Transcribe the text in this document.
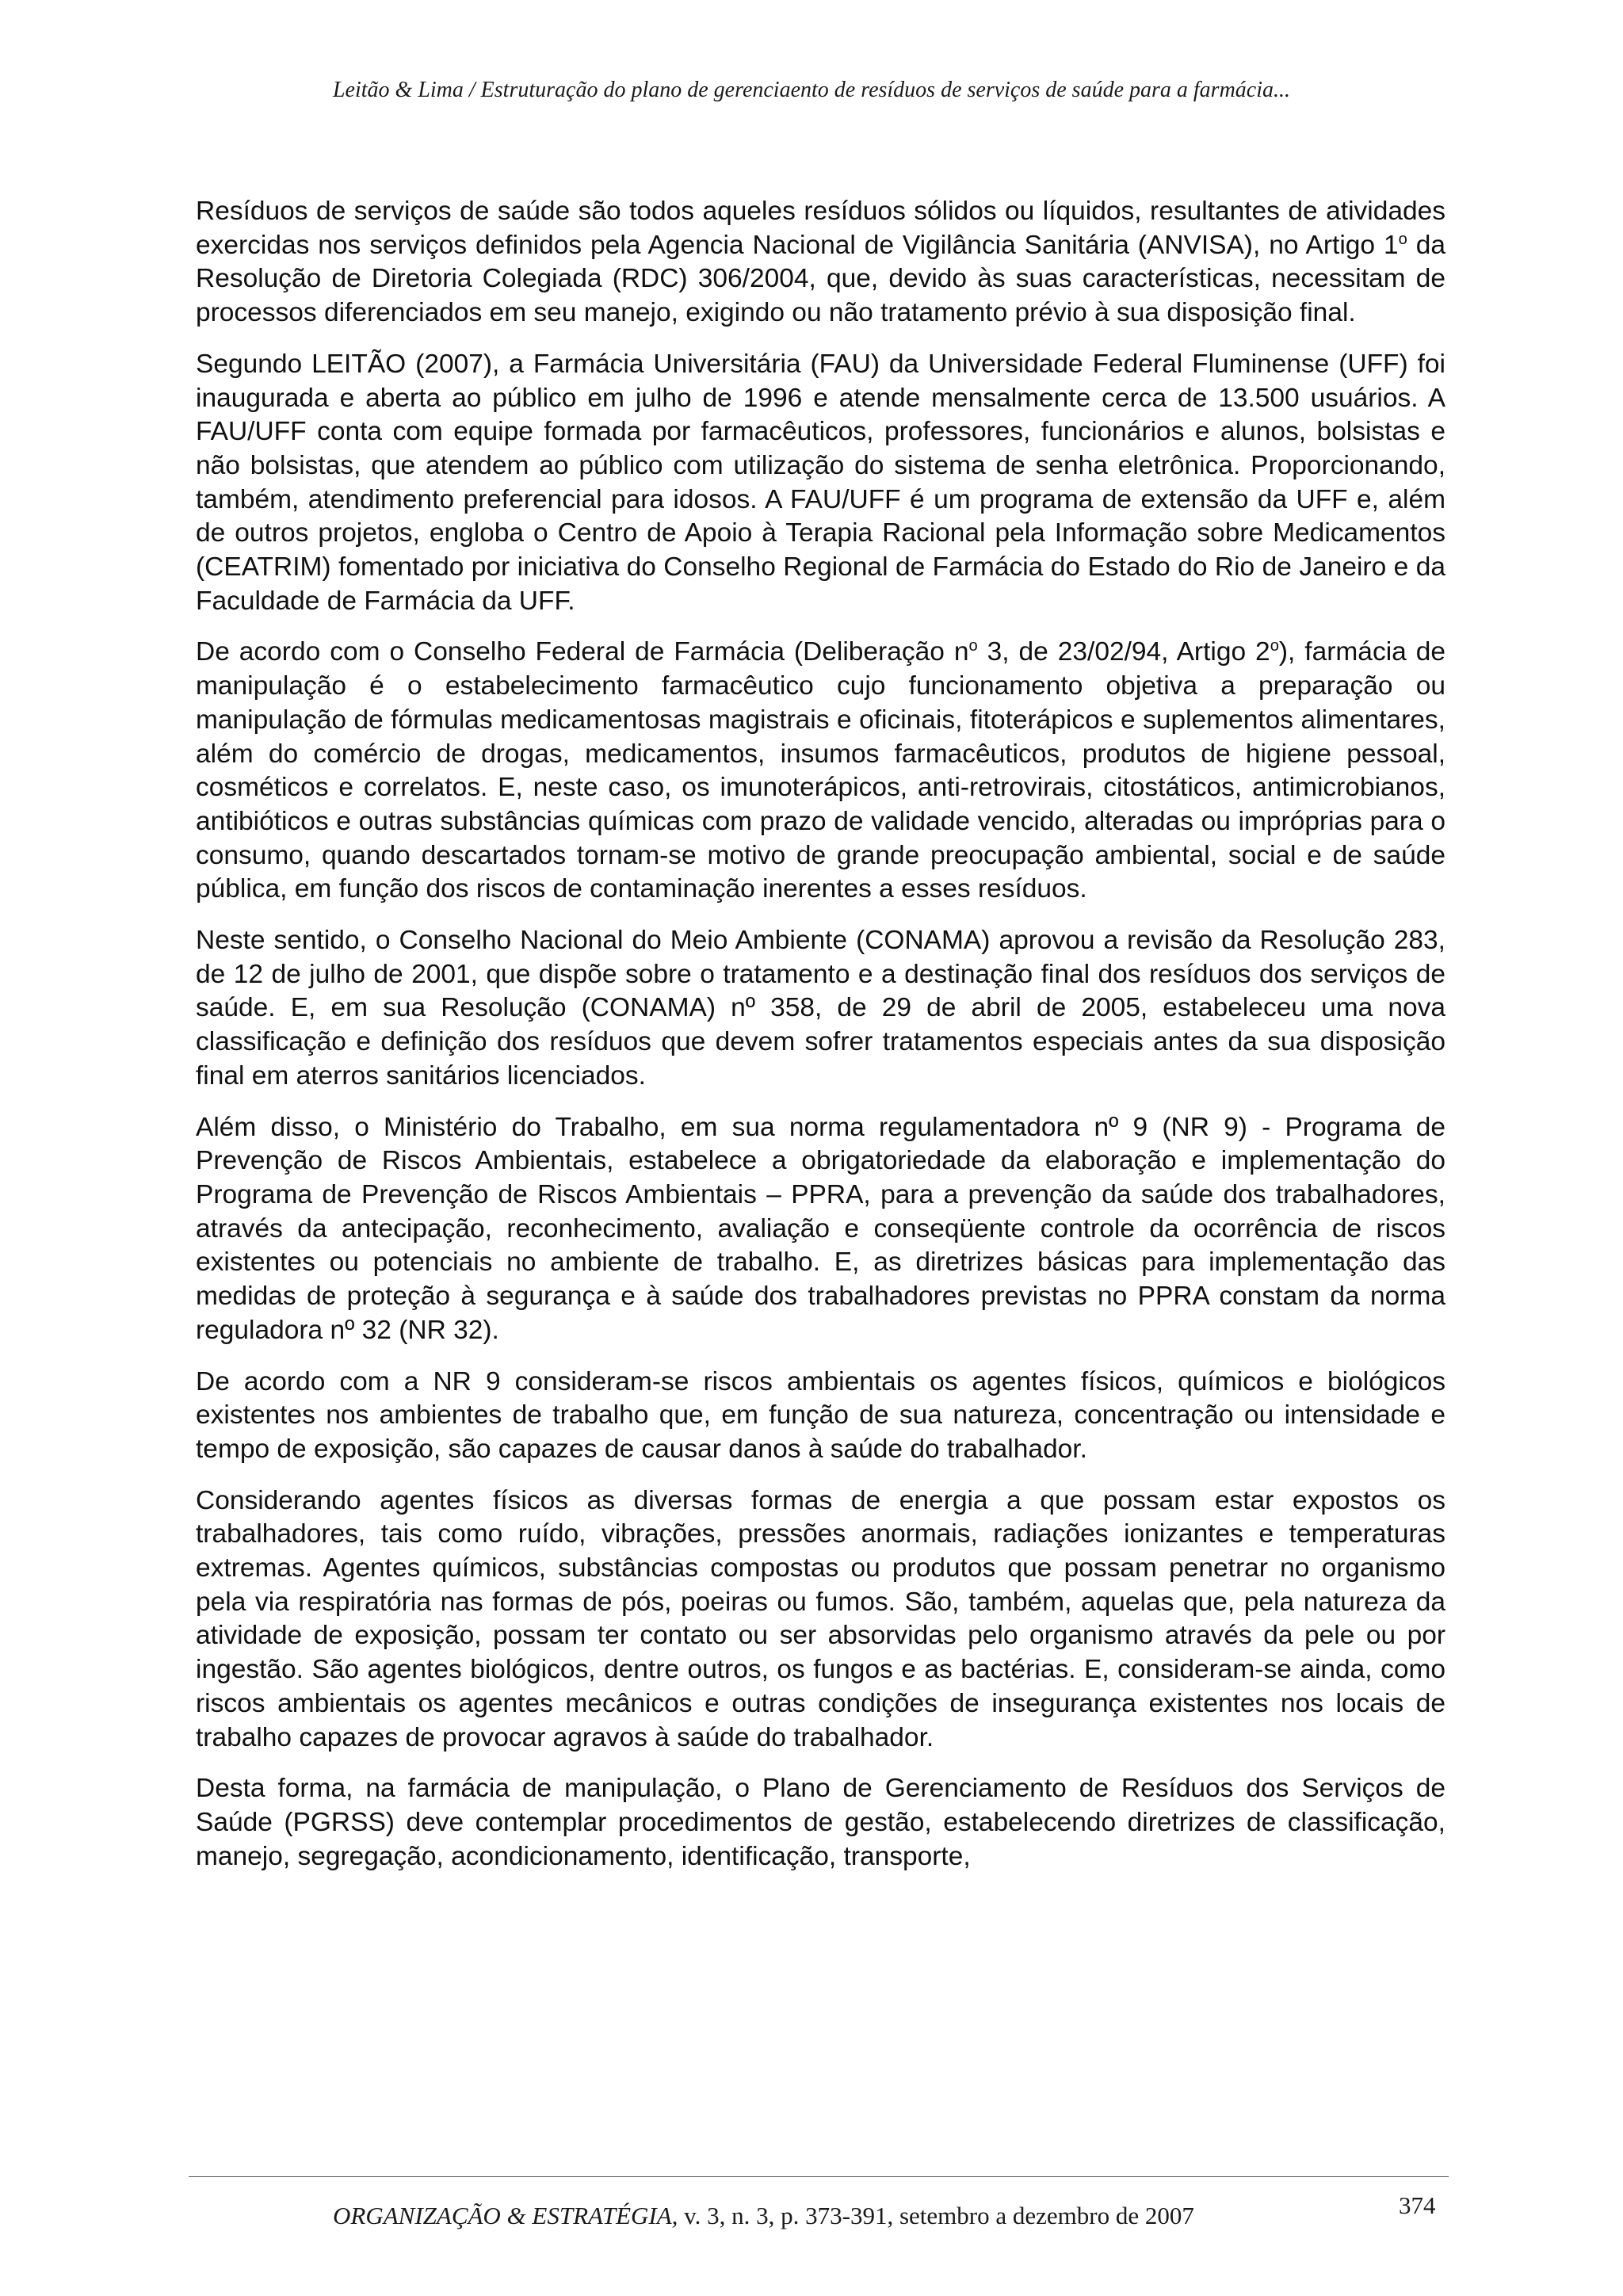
Leitão & Lima / Estruturação do plano de gerenciaento de resíduos de serviços de saúde para a farmácia...

Resíduos de serviços de saúde são todos aqueles resíduos sólidos ou líquidos, resultantes de atividades exercidas nos serviços definidos pela Agencia Nacional de Vigilância Sanitária (ANVISA), no Artigo 1$^o$ da Resolução de Diretoria Colegiada (RDC) 306/2004, que, devido às suas características, necessitam de processos diferenciados em seu manejo, exigindo ou não tratamento prévio à sua disposição final.

Segundo LEITÃO (2007), a Farmácia Universitária (FAU) da Universidade Federal Fluminense (UFF) foi inaugurada e aberta ao público em julho de 1996 e atende mensalmente cerca de 13.500 usuários. A FAU/UFF conta com equipe formada por farmacêuticos, professores, funcionários e alunos, bolsistas e não bolsistas, que atendem ao público com utilização do sistema de senha eletrônica. Proporcionando, também, atendimento preferencial para idosos. A FAU/UFF é um programa de extensão da UFF e, além de outros projetos, engloba o Centro de Apoio à Terapia Racional pela Informação sobre Medicamentos (CEATRIM) fomentado por iniciativa do Conselho Regional de Farmácia do Estado do Rio de Janeiro e da Faculdade de Farmácia da UFF.

De acordo com o Conselho Federal de Farmácia (Deliberação $n^o$ 3, de 23/02/94, Artigo 2$^o$), farmácia de manipulação é o estabelecimento farmacêutico cujo funcionamento objetiva a preparação ou manipulação de fórmulas medicamentosas magistrais e oficinais, fitoterápicos e suplementos alimentares, além do comércio de drogas, medicamentos, insumos farmacêuticos, produtos de higiene pessoal, cosméticos e correlatos. E, neste caso, os imunoterápicos, anti-retrovirais, citostáticos, antimicrobianos, antibióticos e outras substâncias químicas com prazo de validade vencido, alteradas ou impróprias para o consumo, quando descartados tornam-se motivo de grande preocupação ambiental, social e de saúde pública, em função dos riscos de contaminação inerentes a esses resíduos.

Neste sentido, o Conselho Nacional do Meio Ambiente (CONAMA) aprovou a revisão da Resolução 283, de 12 de julho de 2001, que dispõe sobre o tratamento e a destinação final dos resíduos dos serviços de saúde. E, em sua Resolução (CONAMA) nº 358, de 29 de abril de 2005, estabeleceu uma nova classificação e definição dos resíduos que devem sofrer tratamentos especiais antes da sua disposição final em aterros sanitários licenciados.

Além disso, o Ministério do Trabalho, em sua norma regulamentadora nº 9 (NR 9) - Programa de Prevenção de Riscos Ambientais, estabelece a obrigatoriedade da elaboração e implementação do Programa de Prevenção de Riscos Ambientais – PPRA, para a prevenção da saúde dos trabalhadores, através da antecipação, reconhecimento, avaliação e conseqüente controle da ocorrência de riscos existentes ou potenciais no ambiente de trabalho. E, as diretrizes básicas para implementação das medidas de proteção à segurança e à saúde dos trabalhadores previstas no PPRA constam da norma reguladora nº 32 (NR 32).

De acordo com a NR 9 consideram-se riscos ambientais os agentes físicos, químicos e biológicos existentes nos ambientes de trabalho que, em função de sua natureza, concentração ou intensidade e tempo de exposição, são capazes de causar danos à saúde do trabalhador.

Considerando agentes físicos as diversas formas de energia a que possam estar expostos os trabalhadores, tais como ruído, vibrações, pressões anormais, radiações ionizantes e temperaturas extremas. Agentes químicos, substâncias compostas ou produtos que possam penetrar no organismo pela via respiratória nas formas de pós, poeiras ou fumos. São, também, aquelas que, pela natureza da atividade de exposição, possam ter contato ou ser absorvidas pelo organismo através da pele ou por ingestão. São agentes biológicos, dentre outros, os fungos e as bactérias. E, consideram-se ainda, como riscos ambientais os agentes mecânicos e outras condições de insegurança existentes nos locais de trabalho capazes de provocar agravos à saúde do trabalhador.

Desta forma, na farmácia de manipulação, o Plano de Gerenciamento de Resíduos dos Serviços de Saúde (PGRSS) deve contemplar procedimentos de gestão, estabelecendo diretrizes de classificação, manejo, segregação, acondicionamento, identificação, transporte,

ORGANIZAÇÃO & ESTRATÉGIA, v. 3, n. 3, p. 373-391, setembro a dezembro de 2007	374
